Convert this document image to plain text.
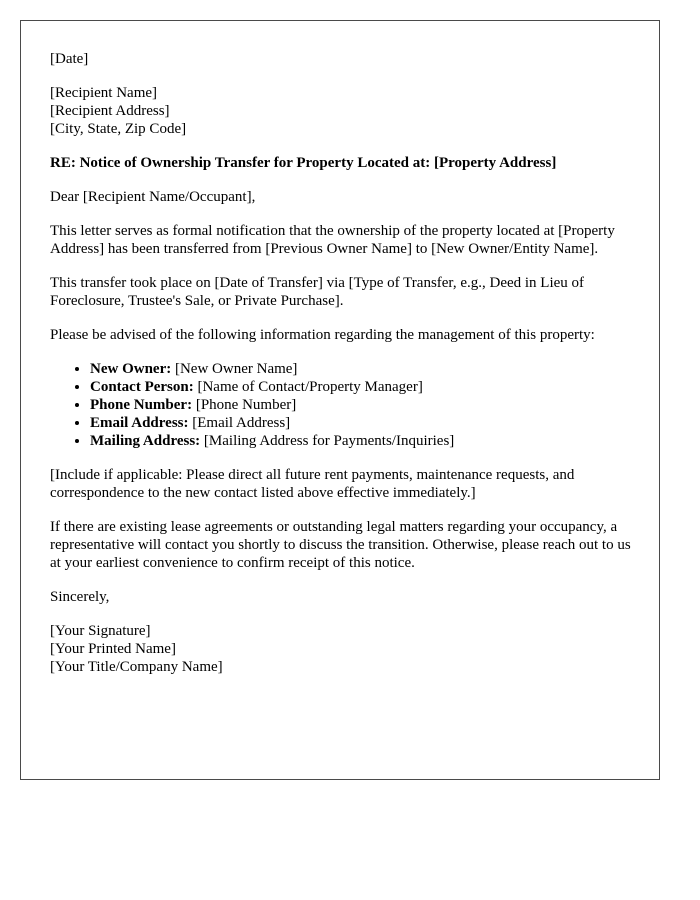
[Date]

[Recipient Name]
[Recipient Address]
[City, State, Zip Code]

RE: Notice of Ownership Transfer for Property Located at: [Property Address]

Dear [Recipient Name/Occupant],

This letter serves as formal notification that the ownership of the property located at [Property Address] has been transferred from [Previous Owner Name] to [New Owner/Entity Name].

This transfer took place on [Date of Transfer] via [Type of Transfer, e.g., Deed in Lieu of Foreclosure, Trustee's Sale, or Private Purchase].

Please be advised of the following information regarding the management of this property:

• New Owner: [New Owner Name]
• Contact Person: [Name of Contact/Property Manager]
• Phone Number: [Phone Number]
• Email Address: [Email Address]
• Mailing Address: [Mailing Address for Payments/Inquiries]

[Include if applicable: Please direct all future rent payments, maintenance requests, and correspondence to the new contact listed above effective immediately.]

If there are existing lease agreements or outstanding legal matters regarding your occupancy, a representative will contact you shortly to discuss the transition. Otherwise, please reach out to us at your earliest convenience to confirm receipt of this notice.

Sincerely,

[Your Signature]
[Your Printed Name]
[Your Title/Company Name]
